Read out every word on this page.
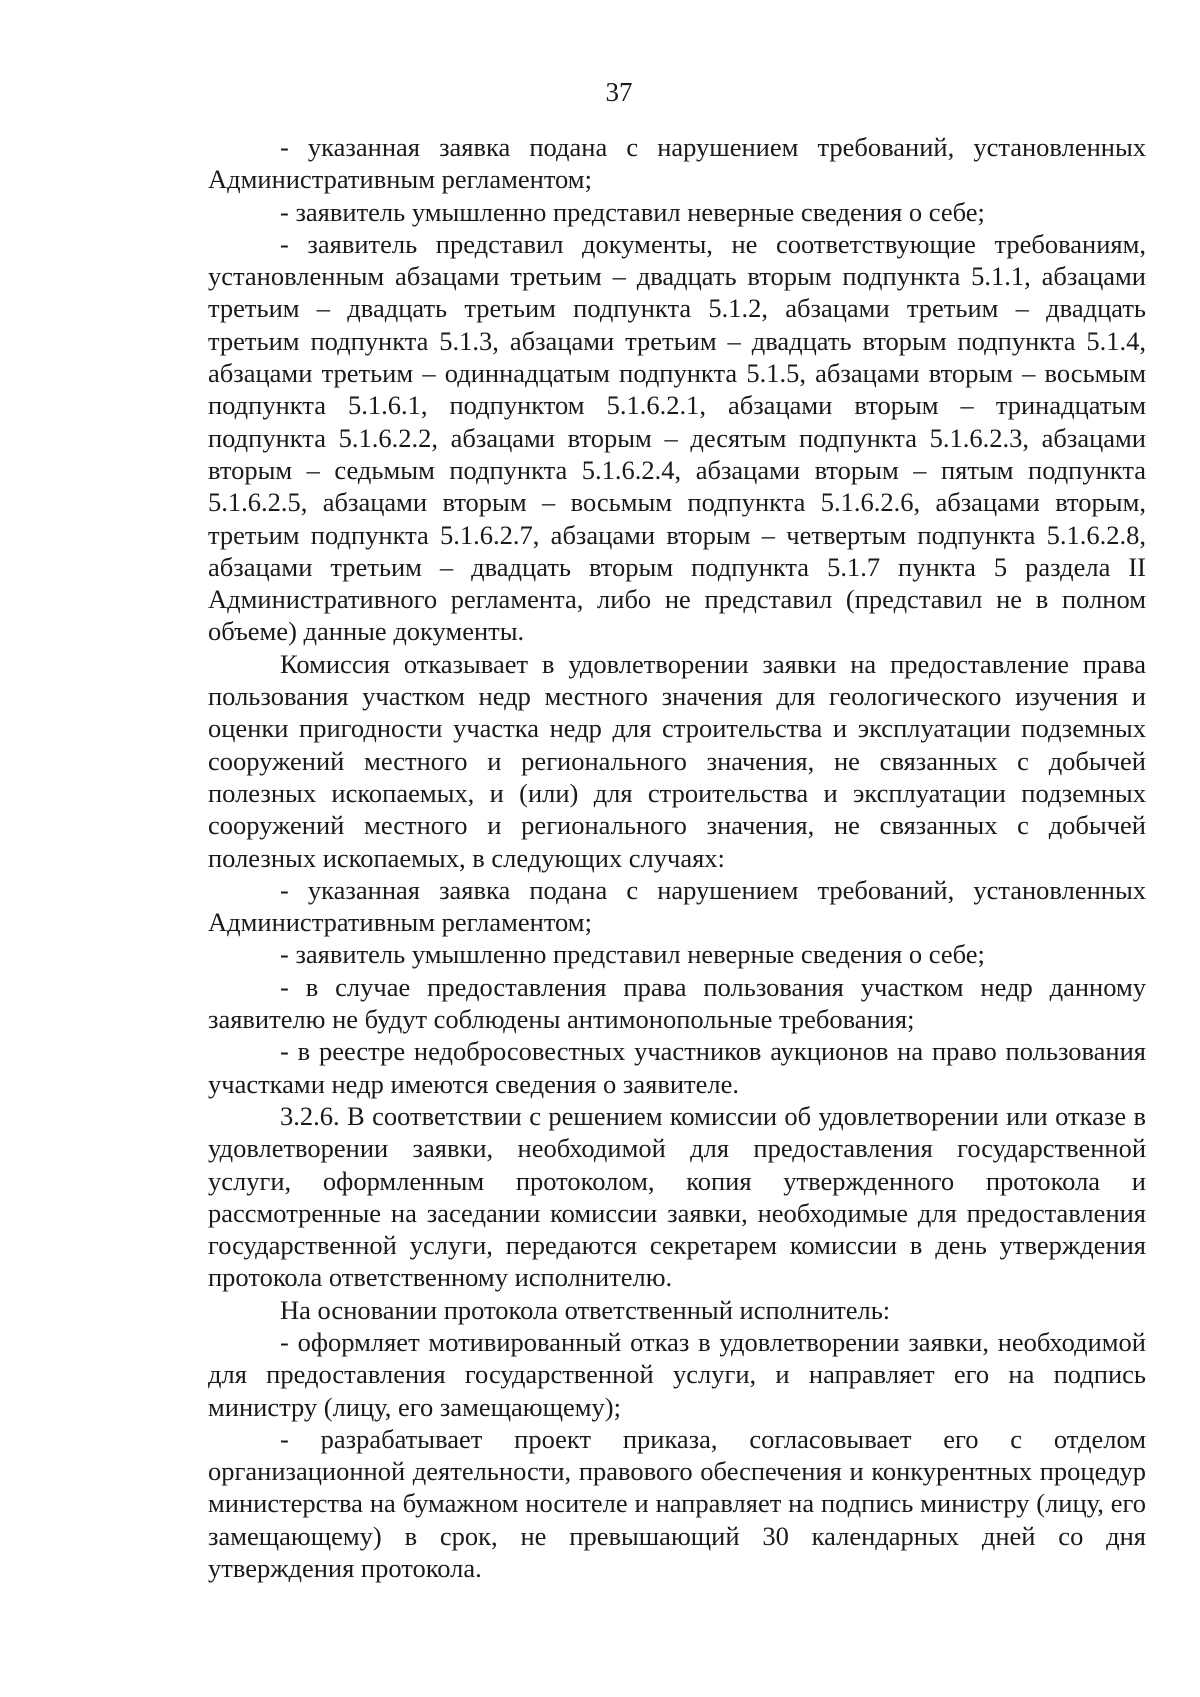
37

- указанная заявка подана с нарушением требований, установленных Административным регламентом;

- заявитель умышленно представил неверные сведения о себе;

- заявитель представил документы, не соответствующие требованиям, установленным абзацами третьим – двадцать вторым подпункта 5.1.1, абзацами третьим – двадцать третьим подпункта 5.1.2, абзацами третьим – двадцать третьим подпункта 5.1.3, абзацами третьим – двадцать вторым подпункта 5.1.4, абзацами третьим – одиннадцатым подпункта 5.1.5, абзацами вторым – восьмым подпункта 5.1.6.1, подпунктом 5.1.6.2.1, абзацами вторым – тринадцатым подпункта 5.1.6.2.2, абзацами вторым – десятым подпункта 5.1.6.2.3, абзацами вторым – седьмым подпункта 5.1.6.2.4, абзацами вторым – пятым подпункта 5.1.6.2.5, абзацами вторым – восьмым подпункта 5.1.6.2.6, абзацами вторым, третьим подпункта 5.1.6.2.7, абзацами вторым – четвертым подпункта 5.1.6.2.8, абзацами третьим – двадцать вторым подпункта 5.1.7 пункта 5 раздела II Административного регламента, либо не представил (представил не в полном объеме) данные документы.

Комиссия отказывает в удовлетворении заявки на предоставление права пользования участком недр местного значения для геологического изучения и оценки пригодности участка недр для строительства и эксплуатации подземных сооружений местного и регионального значения, не связанных с добычей полезных ископаемых, и (или) для строительства и эксплуатации подземных сооружений местного и регионального значения, не связанных с добычей полезных ископаемых, в следующих случаях:

- указанная заявка подана с нарушением требований, установленных Административным регламентом;

- заявитель умышленно представил неверные сведения о себе;

- в случае предоставления права пользования участком недр данному заявителю не будут соблюдены антимонопольные требования;

- в реестре недобросовестных участников аукционов на право пользования участками недр имеются сведения о заявителе.

3.2.6. В соответствии с решением комиссии об удовлетворении или отказе в удовлетворении заявки, необходимой для предоставления государственной услуги, оформленным протоколом, копия утвержденного протокола и рассмотренные на заседании комиссии заявки, необходимые для предоставления государственной услуги, передаются секретарем комиссии в день утверждения протокола ответственному исполнителю.

На основании протокола ответственный исполнитель:

- оформляет мотивированный отказ в удовлетворении заявки, необходимой для предоставления государственной услуги, и направляет его на подпись министру (лицу, его замещающему);

- разрабатывает проект приказа, согласовывает его с отделом организационной деятельности, правового обеспечения и конкурентных процедур министерства на бумажном носителе и направляет на подпись министру (лицу, его замещающему) в срок, не превышающий 30 календарных дней со дня утверждения протокола.
